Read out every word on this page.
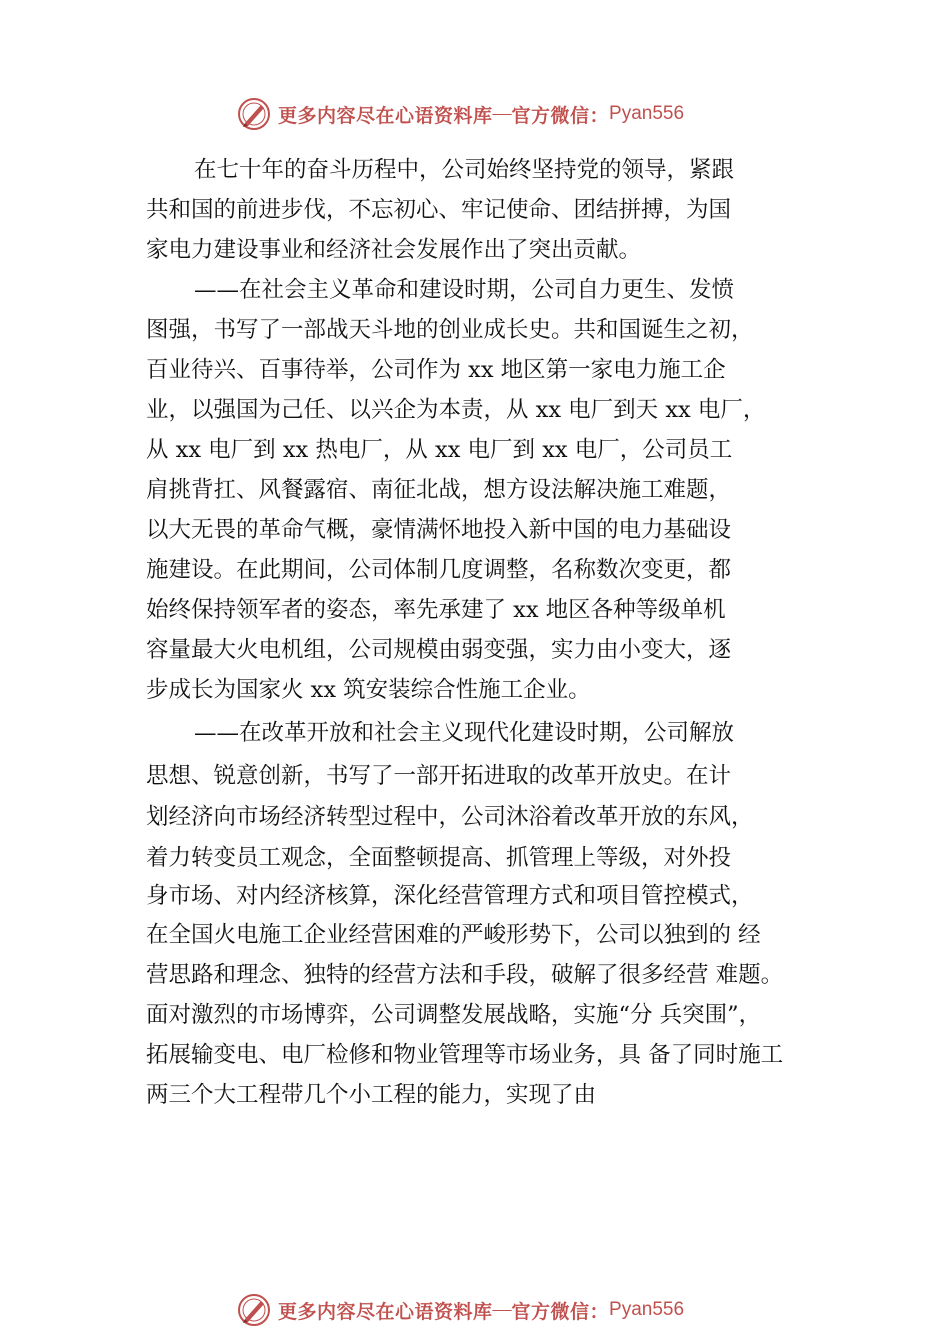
更多内容尽在心语资料库 — 官方微信： Pyan556
在七十年的奋斗历程中，公司始终坚持党的领导，紧跟
共和国的前进步伐，不忘初心、牢记使命、团结拼搏，为国
家电力建设事业和经济社会发展作出了突出贡献。
——在社会主义革命和建设时期，公司自力更生、发愤
图强，书写了一部战天斗地的创业成长史。共和国诞生之初，
百业待兴、百事待举，公司作为 xx 地区第一家电力施工企
业，以强国为己任、以兴企为本责，从 xx 电厂到天 xx 电厂，
从 xx 电厂到 xx 热电厂，从 xx 电厂到 xx 电厂，公司员工
肩挑背扛、风餐露宿、南征北战，想方设法解决施工难题，
以大无畏的革命气概，豪情满怀地投入新中国的电力基础设
施建设。在此期间，公司体制几度调整，名称数次变更，都
始终保持领军者的姿态，率先承建了 xx 地区各种等级单机
容量最大火电机组，公司规模由弱变强，实力由小变大，逐
步成长为国家火 xx 筑安装综合性施工企业。
——在改革开放和社会主义现代化建设时期，公司解放
思想、锐意创新，书写了一部开拓进取的改革开放史。在计
划经济向市场经济转型过程中，公司沐浴着改革开放的东风，
着力转变员工观念，全面整顿提高、抓管理上等级，对外投
身市场、对内经济核算，深化经营管理方式和项目管控模式，
在全国火电施工企业经营困难的严峻形势下，公司以独到的 经
营思路和理念、独特的经营方法和手段，破解了很多经营 难题。
面对激烈的市场博弈，公司调整发展战略，实施“分 兵突围”，
拓展输变电、电厂检修和物业管理等市场业务，具 备了同时施工
两三个大工程带几个小工程的能力，实现了由
更多内容尽在心语资料库 — 官方微信： Pyan556
